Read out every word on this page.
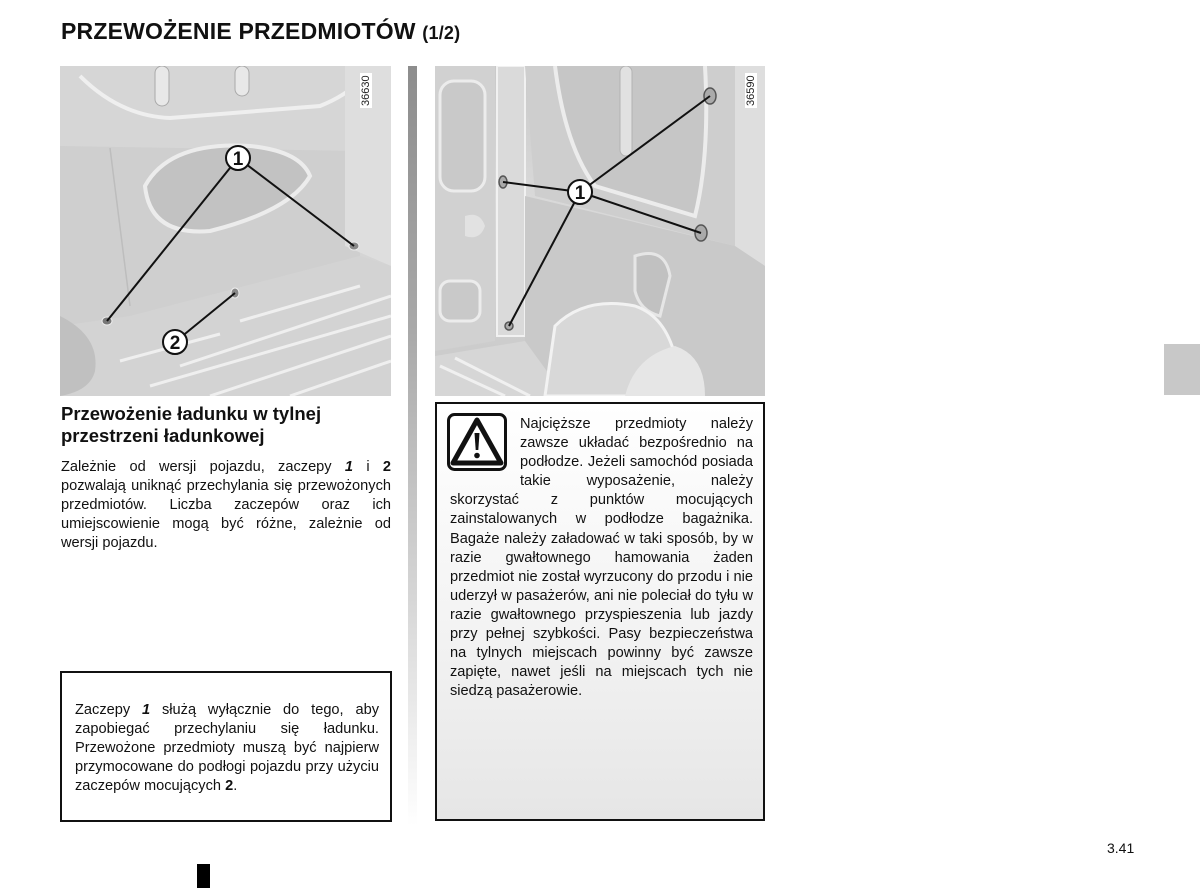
PRZEWOŻENIE PRZEDMIOTÓW (1/2)
1
2
36630
1
36590
Przewożenie ładunku w tylnej przestrzeni ładunkowej
Zależnie od wersji pojazdu, zaczepy 1 i 2 pozwalają uniknąć przechylania się przewożonych przedmiotów. Liczba zaczepów oraz ich umiejscowienie mogą być różne, zależnie od wersji pojazdu.
Zaczepy 1 służą wyłącznie do tego, aby zapobiegać przechylaniu się ładunku. Przewożone przedmioty muszą być najpierw przymocowane do podłogi pojazdu przy użyciu zaczepów mocujących 2.
Najcięższe przedmioty należy zawsze układać bezpośrednio na podłodze. Jeżeli samochód posiada takie wyposażenie, należy skorzystać z punktów mocujących zainstalowanych w podłodze bagażnika. Bagaże należy załadować w taki sposób, by w razie gwałtownego hamowania żaden przedmiot nie został wyrzucony do przodu i nie uderzył w pasażerów, ani nie poleciał do tyłu w razie gwałtownego przyspieszenia lub jazdy przy pełnej szybkości. Pasy bezpieczeństwa na tylnych miejscach powinny być zawsze zapięte, nawet jeśli na miejscach tych nie siedzą pasażerowie.
3.41
